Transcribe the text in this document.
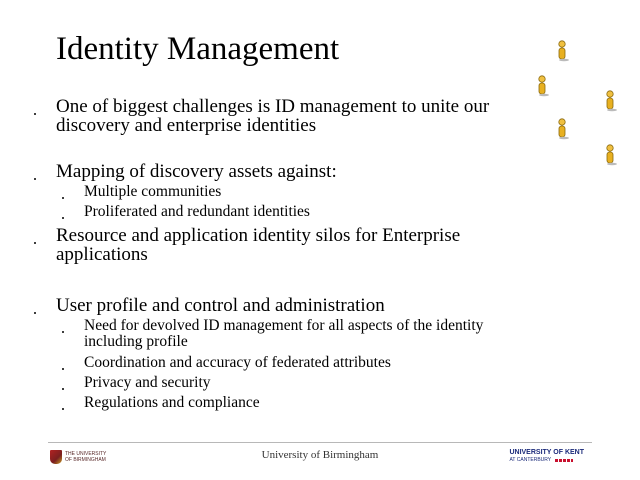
Identity Management
One of biggest challenges is ID management to unite our discovery and enterprise identities
Mapping of discovery assets against:
Multiple communities
Proliferated and redundant identities
Resource and application identity silos for Enterprise applications
User profile and control and administration
Need for devolved ID management for all aspects of the identity including profile
Coordination and accuracy of federated attributes
Privacy and security
Regulations and compliance
THE UNIVERSITY OF BIRMINGHAM	University of Birmingham	UNIVERSITY OF KENT
AT CANTERBURY
